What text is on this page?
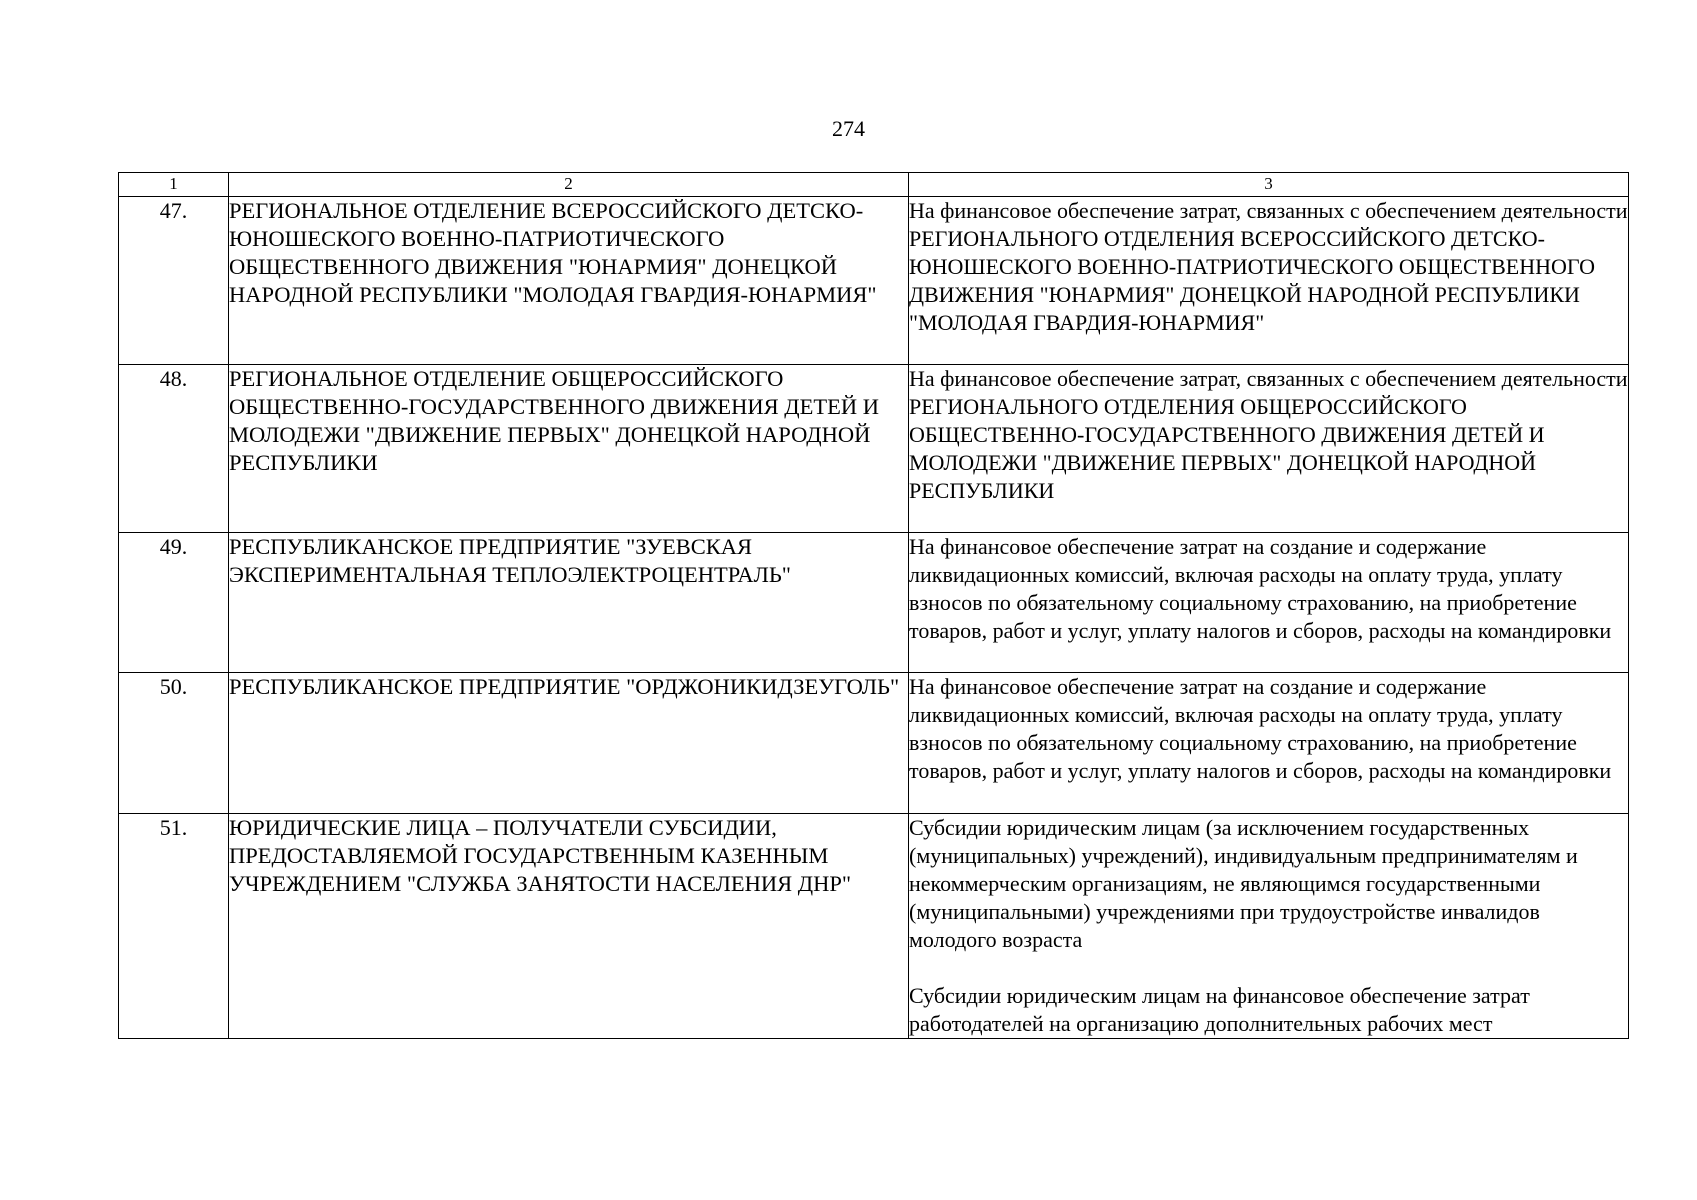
274
1	2	3
47.	РЕГИОНАЛЬНОЕ ОТДЕЛЕНИЕ ВСЕРОССИЙСКОГО ДЕТСКО-ЮНОШЕСКОГО ВОЕННО-ПАТРИОТИЧЕСКОГО ОБЩЕСТВЕННОГО ДВИЖЕНИЯ "ЮНАРМИЯ" ДОНЕЦКОЙ НАРОДНОЙ РЕСПУБЛИКИ "МОЛОДАЯ ГВАРДИЯ-ЮНАРМИЯ"	На финансовое обеспечение затрат, связанных с обеспечением деятельности РЕГИОНАЛЬНОГО ОТДЕЛЕНИЯ ВСЕРОССИЙСКОГО ДЕТСКО-ЮНОШЕСКОГО ВОЕННО-ПАТРИОТИЧЕСКОГО ОБЩЕСТВЕННОГО ДВИЖЕНИЯ "ЮНАРМИЯ" ДОНЕЦКОЙ НАРОДНОЙ РЕСПУБЛИКИ "МОЛОДАЯ ГВАРДИЯ-ЮНАРМИЯ"
48.	РЕГИОНАЛЬНОЕ ОТДЕЛЕНИЕ ОБЩЕРОССИЙСКОГО ОБЩЕСТВЕННО-ГОСУДАРСТВЕННОГО ДВИЖЕНИЯ ДЕТЕЙ И МОЛОДЕЖИ "ДВИЖЕНИЕ ПЕРВЫХ" ДОНЕЦКОЙ НАРОДНОЙ РЕСПУБЛИКИ	На финансовое обеспечение затрат, связанных с обеспечением деятельности РЕГИОНАЛЬНОГО ОТДЕЛЕНИЯ ОБЩЕРОССИЙСКОГО ОБЩЕСТВЕННО-ГОСУДАРСТВЕННОГО ДВИЖЕНИЯ ДЕТЕЙ И МОЛОДЕЖИ "ДВИЖЕНИЕ ПЕРВЫХ" ДОНЕЦКОЙ НАРОДНОЙ РЕСПУБЛИКИ
49.	РЕСПУБЛИКАНСКОЕ ПРЕДПРИЯТИЕ "ЗУЕВСКАЯ ЭКСПЕРИМЕНТАЛЬНАЯ ТЕПЛОЭЛЕКТРОЦЕНТРАЛЬ"	На финансовое обеспечение затрат на создание и содержание ликвидационных комиссий, включая расходы на оплату труда, уплату взносов по обязательному социальному страхованию, на приобретение товаров, работ и услуг, уплату налогов и сборов, расходы на командировки
50.	РЕСПУБЛИКАНСКОЕ ПРЕДПРИЯТИЕ "ОРДЖОНИКИДЗЕУГОЛЬ"	На финансовое обеспечение затрат на создание и содержание ликвидационных комиссий, включая расходы на оплату труда, уплату взносов по обязательному социальному страхованию, на приобретение товаров, работ и услуг, уплату налогов и сборов, расходы на командировки
51.	ЮРИДИЧЕСКИЕ ЛИЦА – ПОЛУЧАТЕЛИ СУБСИДИИ, ПРЕДОСТАВЛЯЕМОЙ ГОСУДАРСТВЕННЫМ КАЗЕННЫМ УЧРЕЖДЕНИЕМ "СЛУЖБА ЗАНЯТОСТИ НАСЕЛЕНИЯ ДНР"	Субсидии юридическим лицам (за исключением государственных (муниципальных) учреждений), индивидуальным предпринимателям и некоммерческим организациям, не являющимся государственными (муниципальными) учреждениями при трудоустройстве инвалидов молодого возраста
Субсидии юридическим лицам на финансовое обеспечение затрат работодателей на организацию дополнительных рабочих мест
